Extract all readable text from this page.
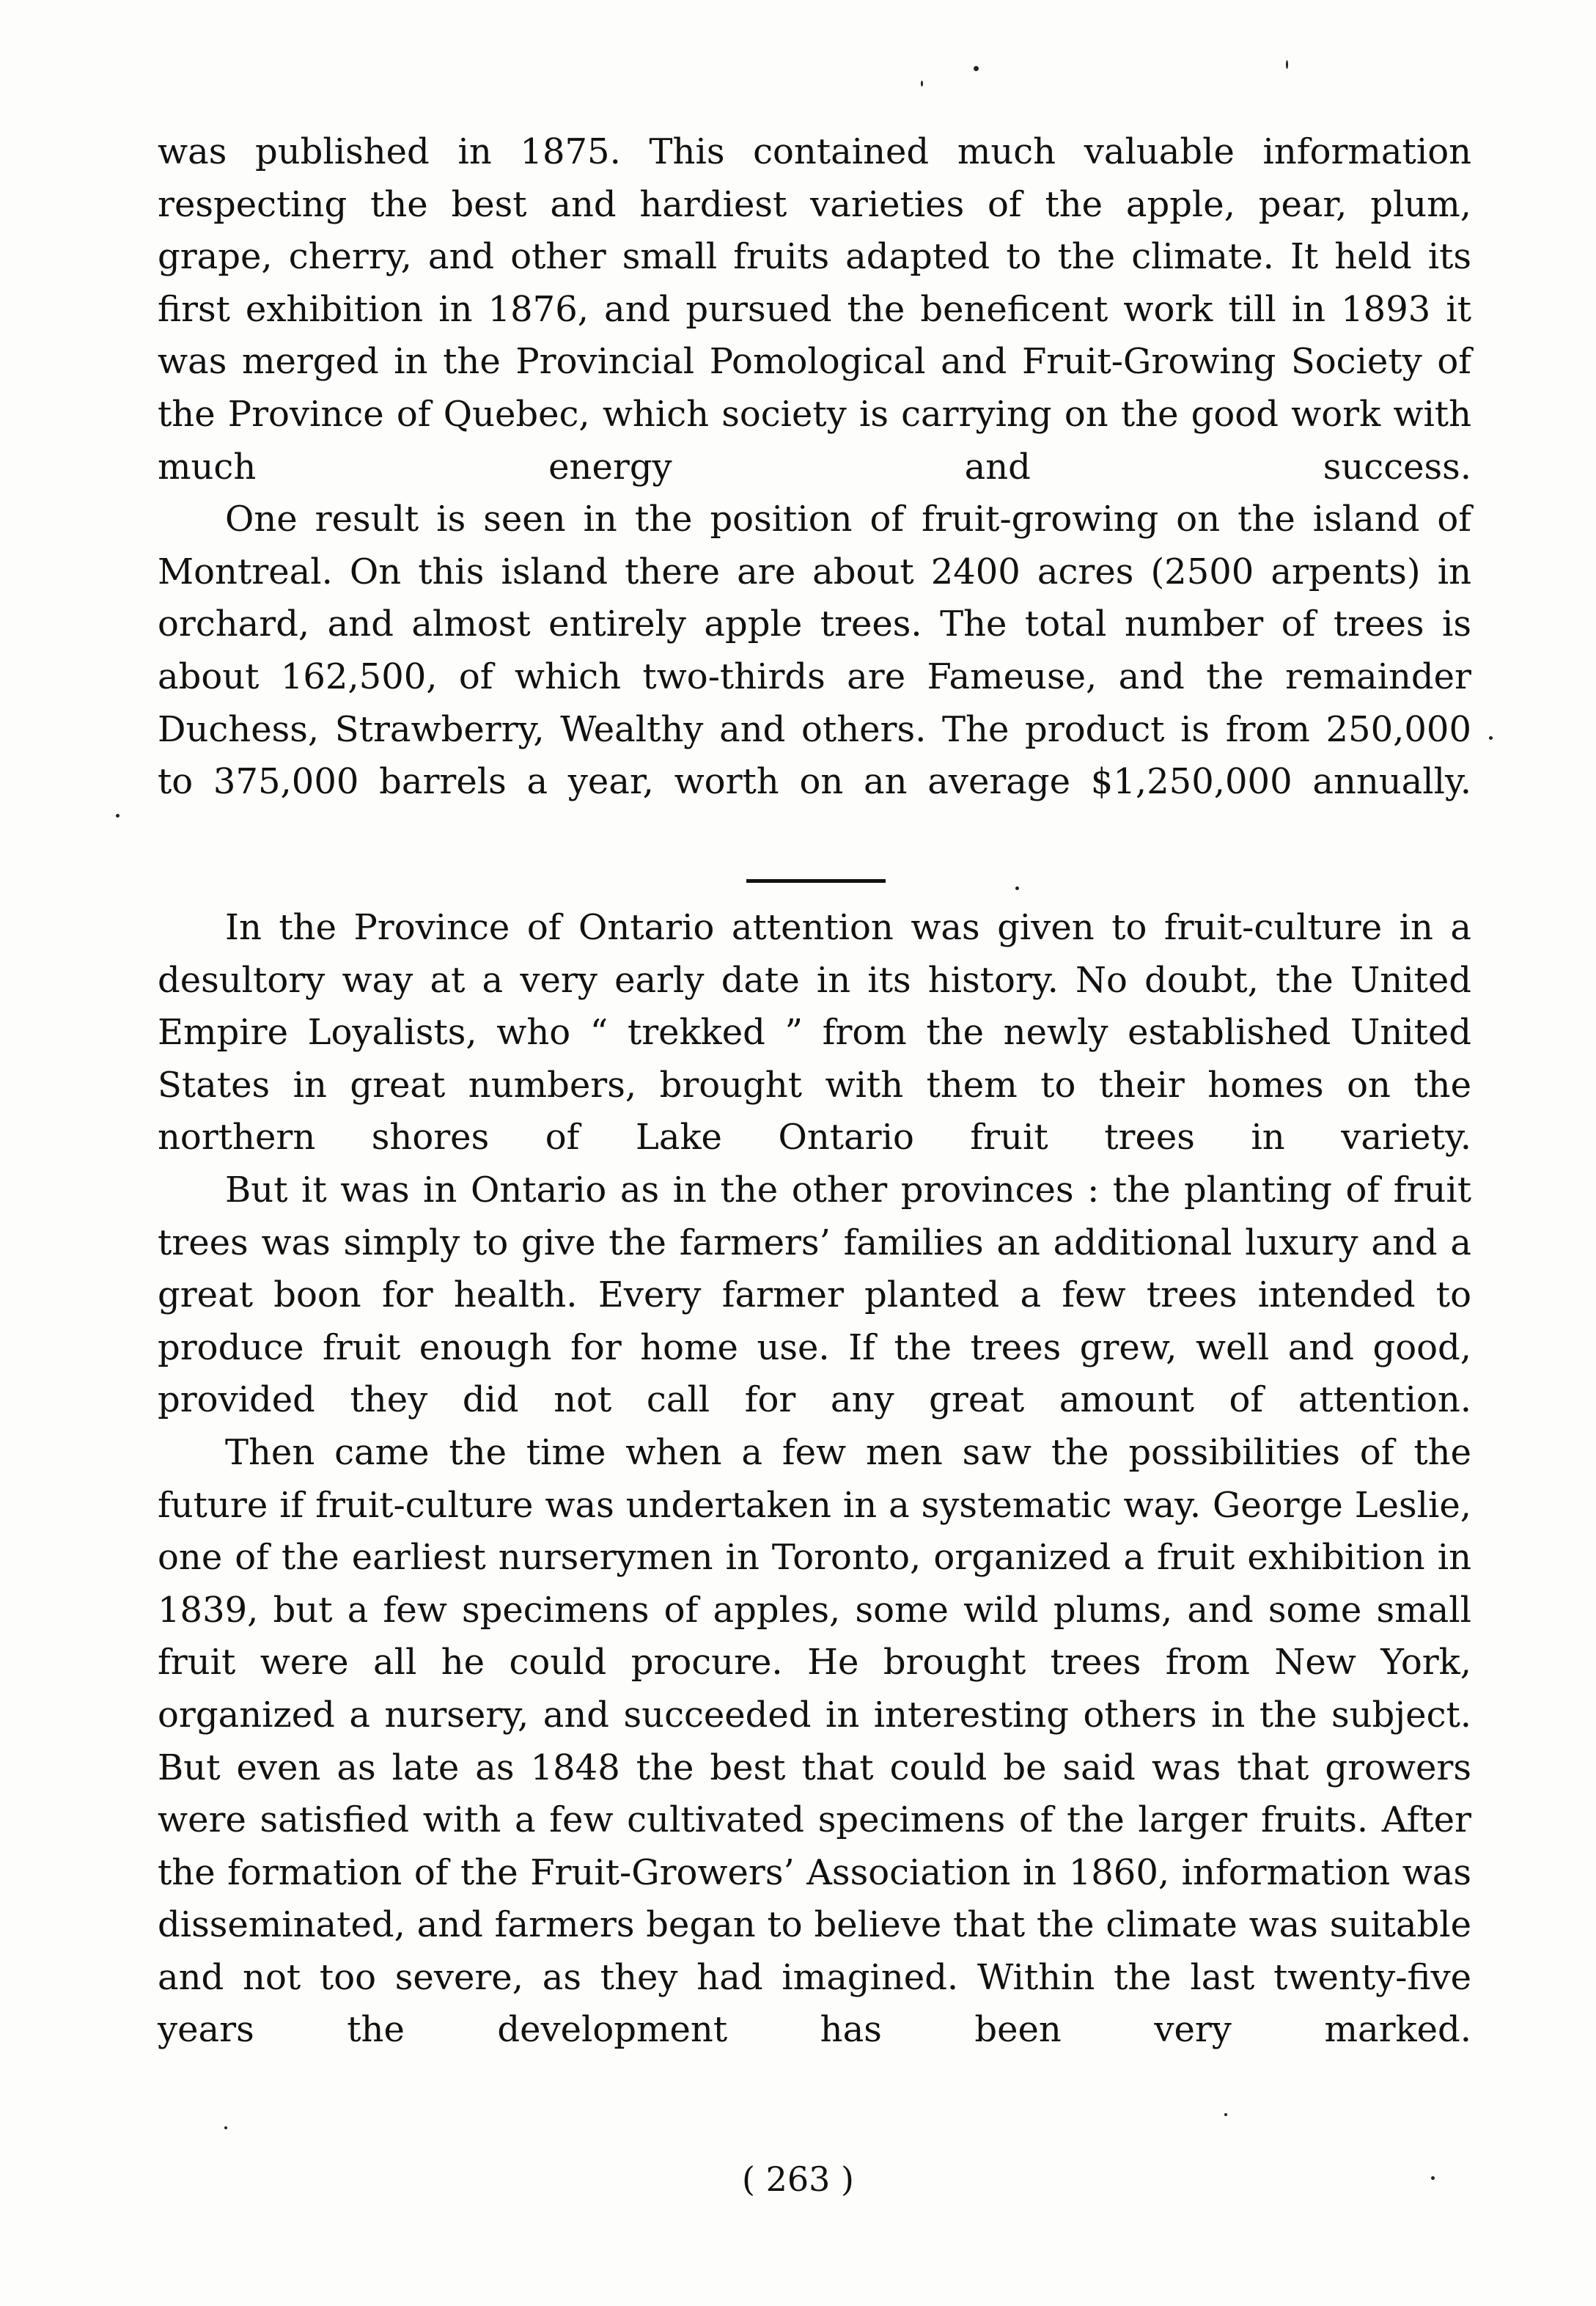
was published in 1875. This contained much valuable information respecting the best and hardiest varieties of the apple, pear, plum, grape, cherry, and other small fruits adapted to the climate. It held its first exhibition in 1876, and pursued the beneficent work till in 1893 it was merged in the Provincial Pomological and Fruit-Growing Society of the Province of Quebec, which society is carrying on the good work with much energy and success.

One result is seen in the position of fruit-growing on the island of Montreal. On this island there are about 2400 acres (2500 arpents) in orchard, and almost entirely apple trees. The total number of trees is about 162,500, of which two-thirds are Fameuse, and the remainder Duchess, Strawberry, Wealthy and others. The product is from 250,000 to 375,000 barrels a year, worth on an average $1,250,000 annually.

In the Province of Ontario attention was given to fruit-culture in a desultory way at a very early date in its history. No doubt, the United Empire Loyalists, who “ trekked ” from the newly established United States in great numbers, brought with them to their homes on the northern shores of Lake Ontario fruit trees in variety.

But it was in Ontario as in the other provinces : the planting of fruit trees was simply to give the farmers’ families an additional luxury and a great boon for health. Every farmer planted a few trees intended to produce fruit enough for home use. If the trees grew, well and good, provided they did not call for any great amount of attention.

Then came the time when a few men saw the possibilities of the future if fruit-culture was undertaken in a systematic way. George Leslie, one of the earliest nurserymen in Toronto, organized a fruit exhibition in 1839, but a few specimens of apples, some wild plums, and some small fruit were all he could procure. He brought trees from New York, organized a nursery, and succeeded in interesting others in the subject. But even as late as 1848 the best that could be said was that growers were satisfied with a few cultivated specimens of the larger fruits. After the formation of the Fruit-Growers’ Association in 1860, information was disseminated, and farmers began to believe that the climate was suitable and not too severe, as they had imagined. Within the last twenty-five years the development has been very marked.

( 263 )
